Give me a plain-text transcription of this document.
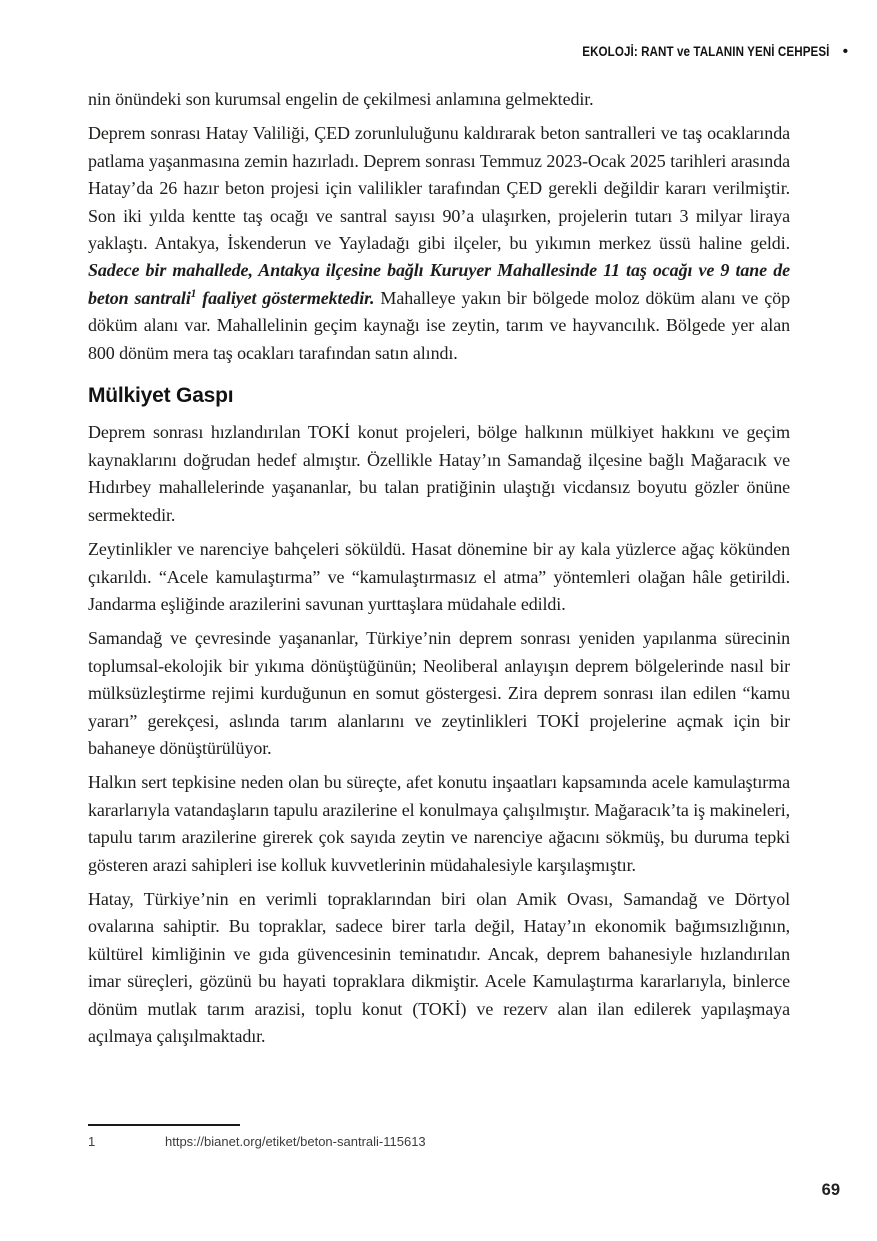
EKOLOJİ: RANT ve TALANIN YENİ CEHPESİ •

nin önündeki son kurumsal engelin de çekilmesi anlamına gelmektedir.

Deprem sonrası Hatay Valiliği, ÇED zorunluluğunu kaldırarak beton santralleri ve taş ocaklarında patlama yaşanmasına zemin hazırladı. Deprem sonrası Temmuz 2023-Ocak 2025 tarihleri arasında Hatay’da 26 hazır beton projesi için valilikler tarafından ÇED gerekli değildir kararı verilmiştir. Son iki yılda kentte taş ocağı ve santral sayısı 90’a ulaşırken, projelerin tutarı 3 milyar liraya yaklaştı. Antakya, İskenderun ve Yayladağı gibi ilçeler, bu yıkımın merkez üssü haline geldi. Sadece bir mahallede, Antakya ilçesine bağlı Kuruyer Mahallesinde 11 taş ocağı ve 9 tane de beton santrali$^1$ faaliyet göstermektedir. Mahalleye yakın bir bölgede moloz döküm alanı ve çöp döküm alanı var. Mahallelinin geçim kaynağı ise zeytin, tarım ve hayvancılık. Bölgede yer alan 800 dönüm mera taş ocakları tarafından satın alındı.

Mülkiyet Gaspı

Deprem sonrası hızlandırılan TOKİ konut projeleri, bölge halkının mülkiyet hakkını ve geçim kaynaklarını doğrudan hedef almıştır. Özellikle Hatay’ın Samandağ ilçesine bağlı Mağaracık ve Hıdırbey mahallelerinde yaşananlar, bu talan pratiğinin ulaştığı vicdansız boyutu gözler önüne sermektedir.

Zeytinlikler ve narenciye bahçeleri söküldü. Hasat dönemine bir ay kala yüzlerce ağaç kökünden çıkarıldı. “Acele kamulaştırma” ve “kamulaştırmasız el atma” yöntemleri olağan hâle getirildi. Jandarma eşliğinde arazilerini savunan yurttaşlara müdahale edildi.

Samandağ ve çevresinde yaşananlar, Türkiye’nin deprem sonrası yeniden yapılanma sürecinin toplumsal-ekolojik bir yıkıma dönüştüğünün; Neoliberal anlayışın deprem bölgelerinde nasıl bir mülksüzleştirme rejimi kurduğunun en somut göstergesi. Zira deprem sonrası ilan edilen “kamu yararı” gerekçesi, aslında tarım alanlarını ve zeytinlikleri TOKİ projelerine açmak için bir bahaneye dönüştürülüyor.

Halkın sert tepkisine neden olan bu süreçte, afet konutu inşaatları kapsamında acele kamulaştırma kararlarıyla vatandaşların tapulu arazilerine el konulmaya çalışılmıştır. Mağaracık’ta iş makineleri, tapulu tarım arazilerine girerek çok sayıda zeytin ve narenciye ağacını sökmüş, bu duruma tepki gösteren arazi sahipleri ise kolluk kuvvetlerinin müdahalesiyle karşılaşmıştır.

Hatay, Türkiye’nin en verimli topraklarından biri olan Amik Ovası, Samandağ ve Dörtyol ovalarına sahiptir. Bu topraklar, sadece birer tarla değil, Hatay’ın ekonomik bağımsızlığının, kültürel kimliğinin ve gıda güvencesinin teminatıdır. Ancak, deprem bahanesiyle hızlandırılan imar süreçleri, gözünü bu hayati topraklara dikmiştir. Acele Kamulaştırma kararlarıyla, binlerce dönüm mutlak tarım arazisi, toplu konut (TOKİ) ve rezerv alan ilan edilerek yapılaşmaya açılmaya çalışılmaktadır.

1	https://bianet.org/etiket/beton-santrali-115613
69
